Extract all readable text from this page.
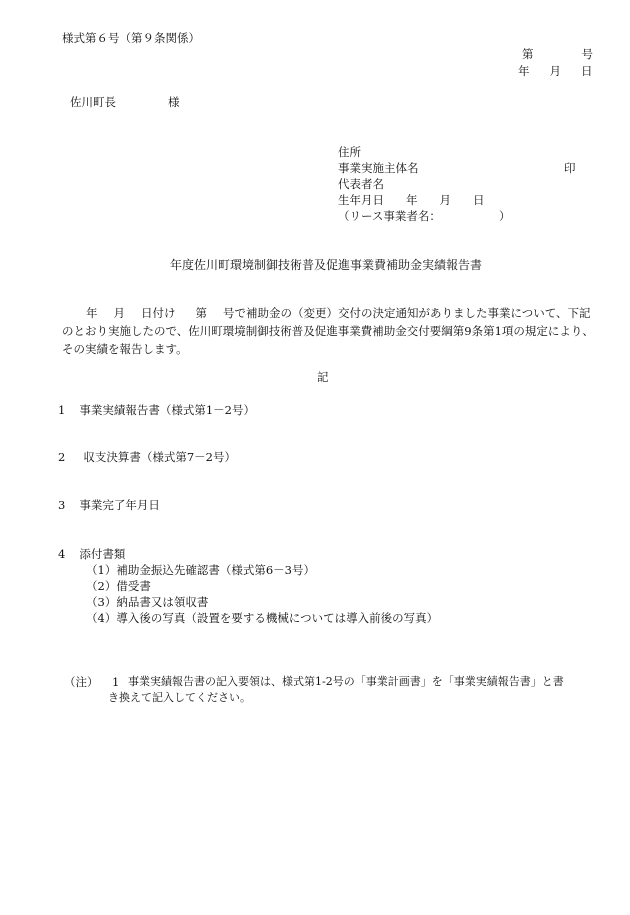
様式第６号（第９条関係）
第	号
年 月 日
佐川町長	様
住所
事業実施主体名	印
代表者名
生年月日 年 月 日
（リース事業者名：	）
年度佐川町環境制御技術普及促進事業費補助金実績報告書
年 月 日付け 第 号で補助金の（変更）交付の決定通知がありました事業について、下記のとおり実施したので、佐川町環境制御技術普及促進事業費補助金交付要綱第9条第1項の規定により、その実績を報告します。
記
1 事業実績報告書（様式第1－2号）
2 収支決算書（様式第7－2号）
3 事業完了年月日
4 添付書類
（1）補助金振込先確認書（様式第6－3号）
（2）借受書
（3）納品書又は領収書
（4）導入後の写真（設置を要する機械については導入前後の写真）
（注） 1 事業実績報告書の記入要領は、様式第1-2号の「事業計画書」を「事業実績報告書」と書
き換えて記入してください。
